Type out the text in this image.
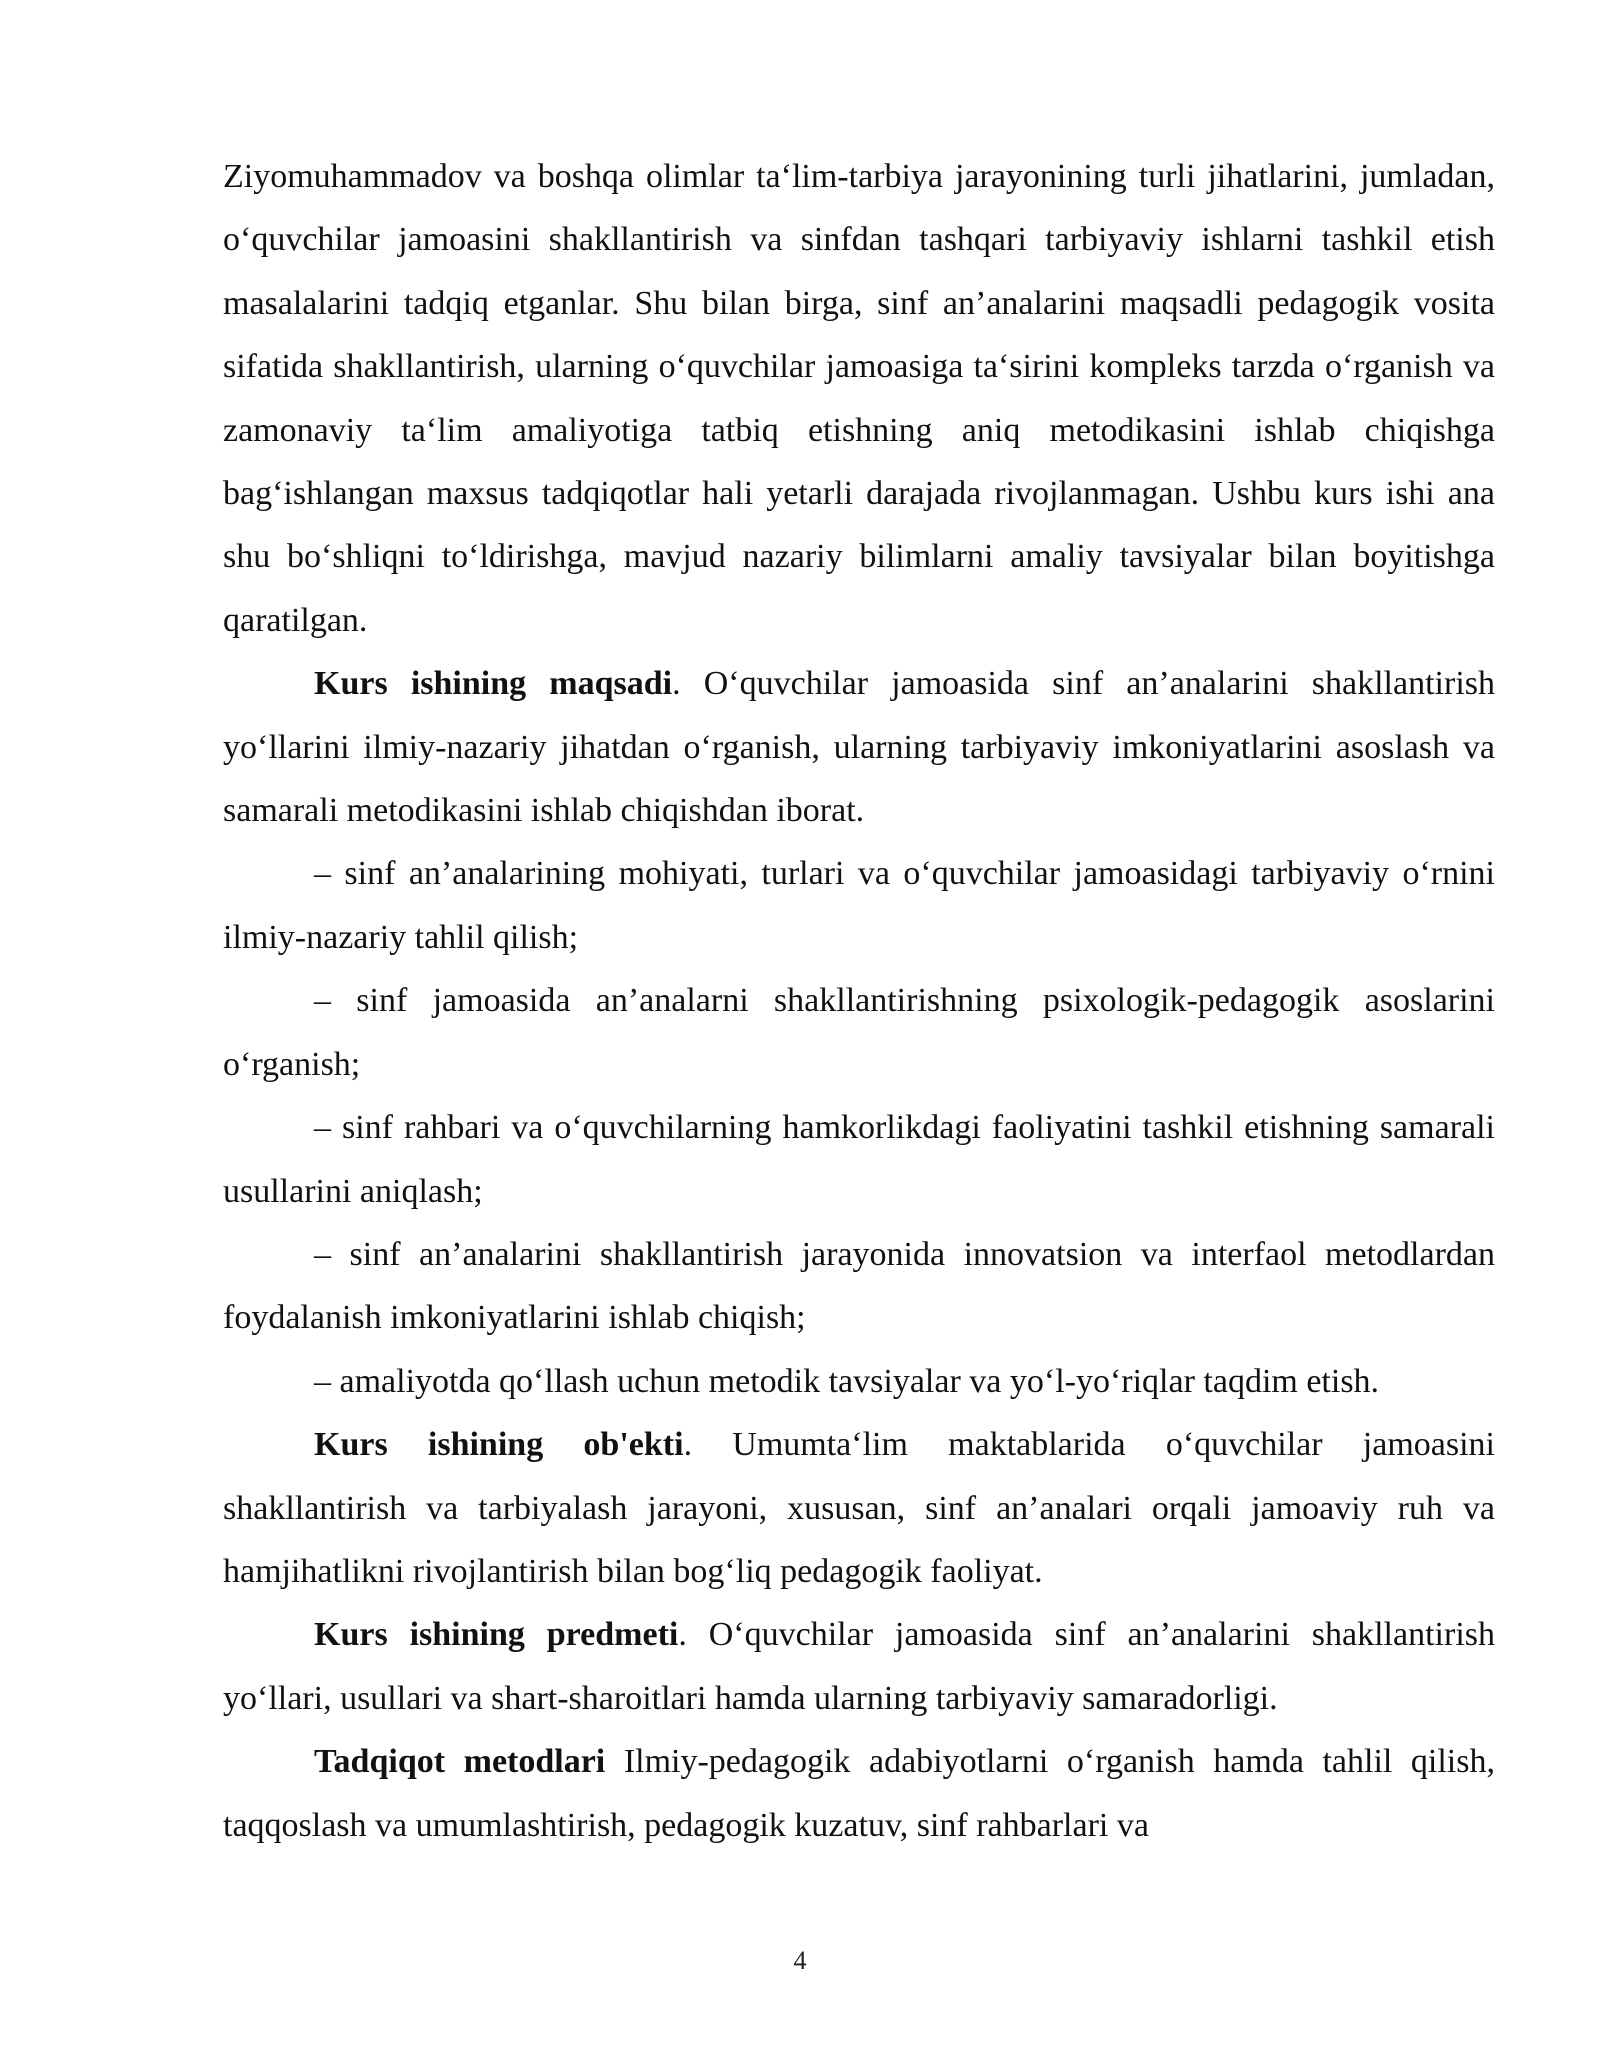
Ziyomuhammadov va boshqa olimlar ta‘lim-tarbiya jarayonining turli jihatlarini, jumladan, o‘quvchilar jamoasini shakllantirish va sinfdan tashqari tarbiyaviy ishlarni tashkil etish masalalarini tadqiq etganlar. Shu bilan birga, sinf an’analarini maqsadli pedagogik vosita sifatida shakllantirish, ularning o‘quvchilar jamoasiga ta‘sirini kompleks tarzda o‘rganish va zamonaviy ta‘lim amaliyotiga tatbiq etishning aniq metodikasini ishlab chiqishga bag‘ishlangan maxsus tadqiqotlar hali yetarli darajada rivojlanmagan. Ushbu kurs ishi ana shu bo‘shliqni to‘ldirishga, mavjud nazariy bilimlarni amaliy tavsiyalar bilan boyitishga qaratilgan.

Kurs ishining maqsadi. O‘quvchilar jamoasida sinf an’analarini shakllantirish yo‘llarini ilmiy-nazariy jihatdan o‘rganish, ularning tarbiyaviy imkoniyatlarini asoslash va samarali metodikasini ishlab chiqishdan iborat.

– sinf an’analarining mohiyati, turlari va o‘quvchilar jamoasidagi tarbiyaviy o‘rnini ilmiy-nazariy tahlil qilish;

– sinf jamoasida an’analarni shakllantirishning psixologik-pedagogik asoslarini o‘rganish;

– sinf rahbari va o‘quvchilarning hamkorlikdagi faoliyatini tashkil etishning samarali usullarini aniqlash;

– sinf an’analarini shakllantirish jarayonida innovatsion va interfaol metodlardan foydalanish imkoniyatlarini ishlab chiqish;

– amaliyotda qo‘llash uchun metodik tavsiyalar va yo‘l-yo‘riqlar taqdim etish.

Kurs ishining ob'ekti. Umumta‘lim maktablarida o‘quvchilar jamoasini shakllantirish va tarbiyalash jarayoni, xususan, sinf an’analari orqali jamoaviy ruh va hamjihatlikni rivojlantirish bilan bog‘liq pedagogik faoliyat.

Kurs ishining predmeti. O‘quvchilar jamoasida sinf an’analarini shakllantirish yo‘llari, usullari va shart-sharoitlari hamda ularning tarbiyaviy samaradorligi.

Tadqiqot metodlari Ilmiy-pedagogik adabiyotlarni o‘rganish hamda tahlil qilish, taqqoslash va umumlashtirish, pedagogik kuzatuv, sinf rahbarlari va

4
